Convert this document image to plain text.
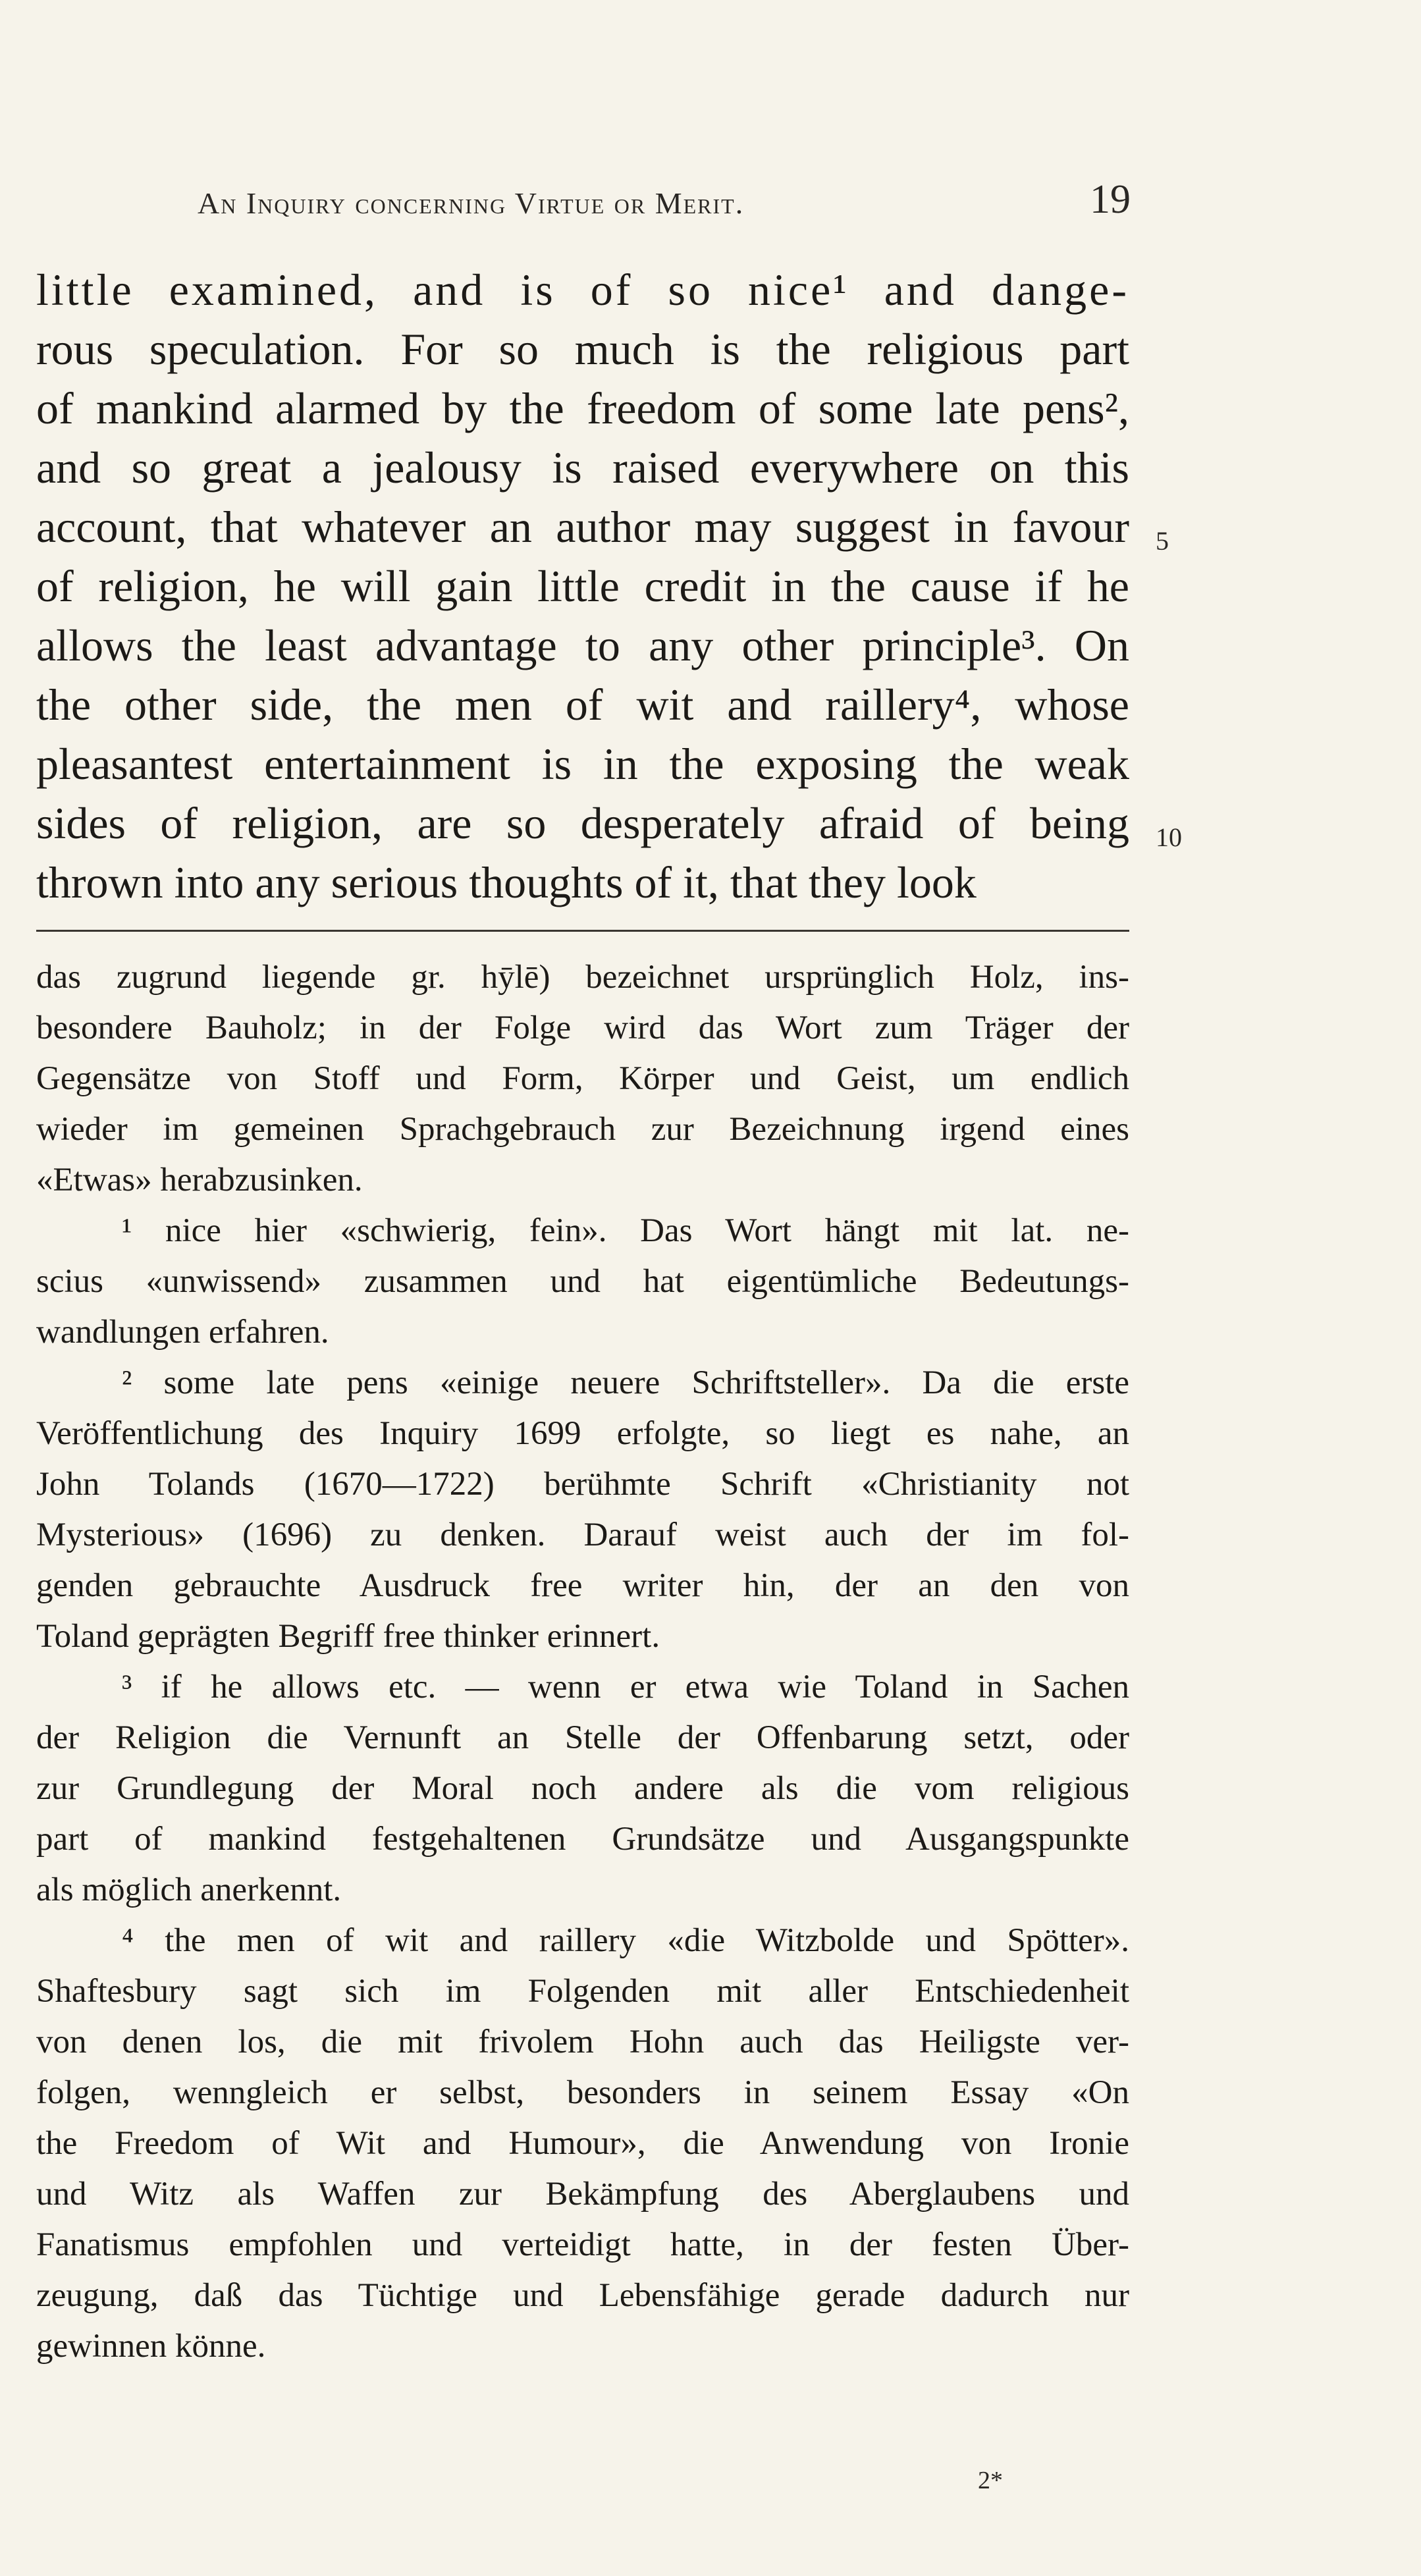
An Inquiry concerning Virtue or Merit.	19
little examined, and is of so nice¹ and dange-
rous speculation. For so much is the religious part
of mankind alarmed by the freedom of some late pens²,
and so great a jealousy is raised everywhere on this
account, that whatever an author may suggest in favour
of religion, he will gain little credit in the cause if he
allows the least advantage to any other principle³. On
the other side, the men of wit and raillery⁴, whose
pleasantest entertainment is in the exposing the weak
sides of religion, are so desperately afraid of being
thrown into any serious thoughts of it, that they look
5
10
das zugrund liegende gr. hȳlē) bezeichnet ursprünglich Holz, ins-
besondere Bauholz; in der Folge wird das Wort zum Träger der
Gegensätze von Stoff und Form, Körper und Geist, um endlich
wieder im gemeinen Sprachgebrauch zur Bezeichnung irgend eines
«Etwas» herabzusinken.
¹ nice hier «schwierig, fein». Das Wort hängt mit lat. ne-
scius «unwissend» zusammen und hat eigentümliche Bedeutungs-
wandlungen erfahren.
² some late pens «einige neuere Schriftsteller». Da die erste
Veröffentlichung des Inquiry 1699 erfolgte, so liegt es nahe, an
John Tolands (1670—1722) berühmte Schrift «Christianity not
Mysterious» (1696) zu denken. Darauf weist auch der im fol-
genden gebrauchte Ausdruck free writer hin, der an den von
Toland geprägten Begriff free thinker erinnert.
³ if he allows etc. — wenn er etwa wie Toland in Sachen
der Religion die Vernunft an Stelle der Offenbarung setzt, oder
zur Grundlegung der Moral noch andere als die vom religious
part of mankind festgehaltenen Grundsätze und Ausgangspunkte
als möglich anerkennt.
⁴ the men of wit and raillery «die Witzbolde und Spötter».
Shaftesbury sagt sich im Folgenden mit aller Entschiedenheit
von denen los, die mit frivolem Hohn auch das Heiligste ver-
folgen, wenngleich er selbst, besonders in seinem Essay «On
the Freedom of Wit and Humour», die Anwendung von Ironie
und Witz als Waffen zur Bekämpfung des Aberglaubens und
Fanatismus empfohlen und verteidigt hatte, in der festen Über-
zeugung, daß das Tüchtige und Lebensfähige gerade dadurch nur
gewinnen könne.
2*
